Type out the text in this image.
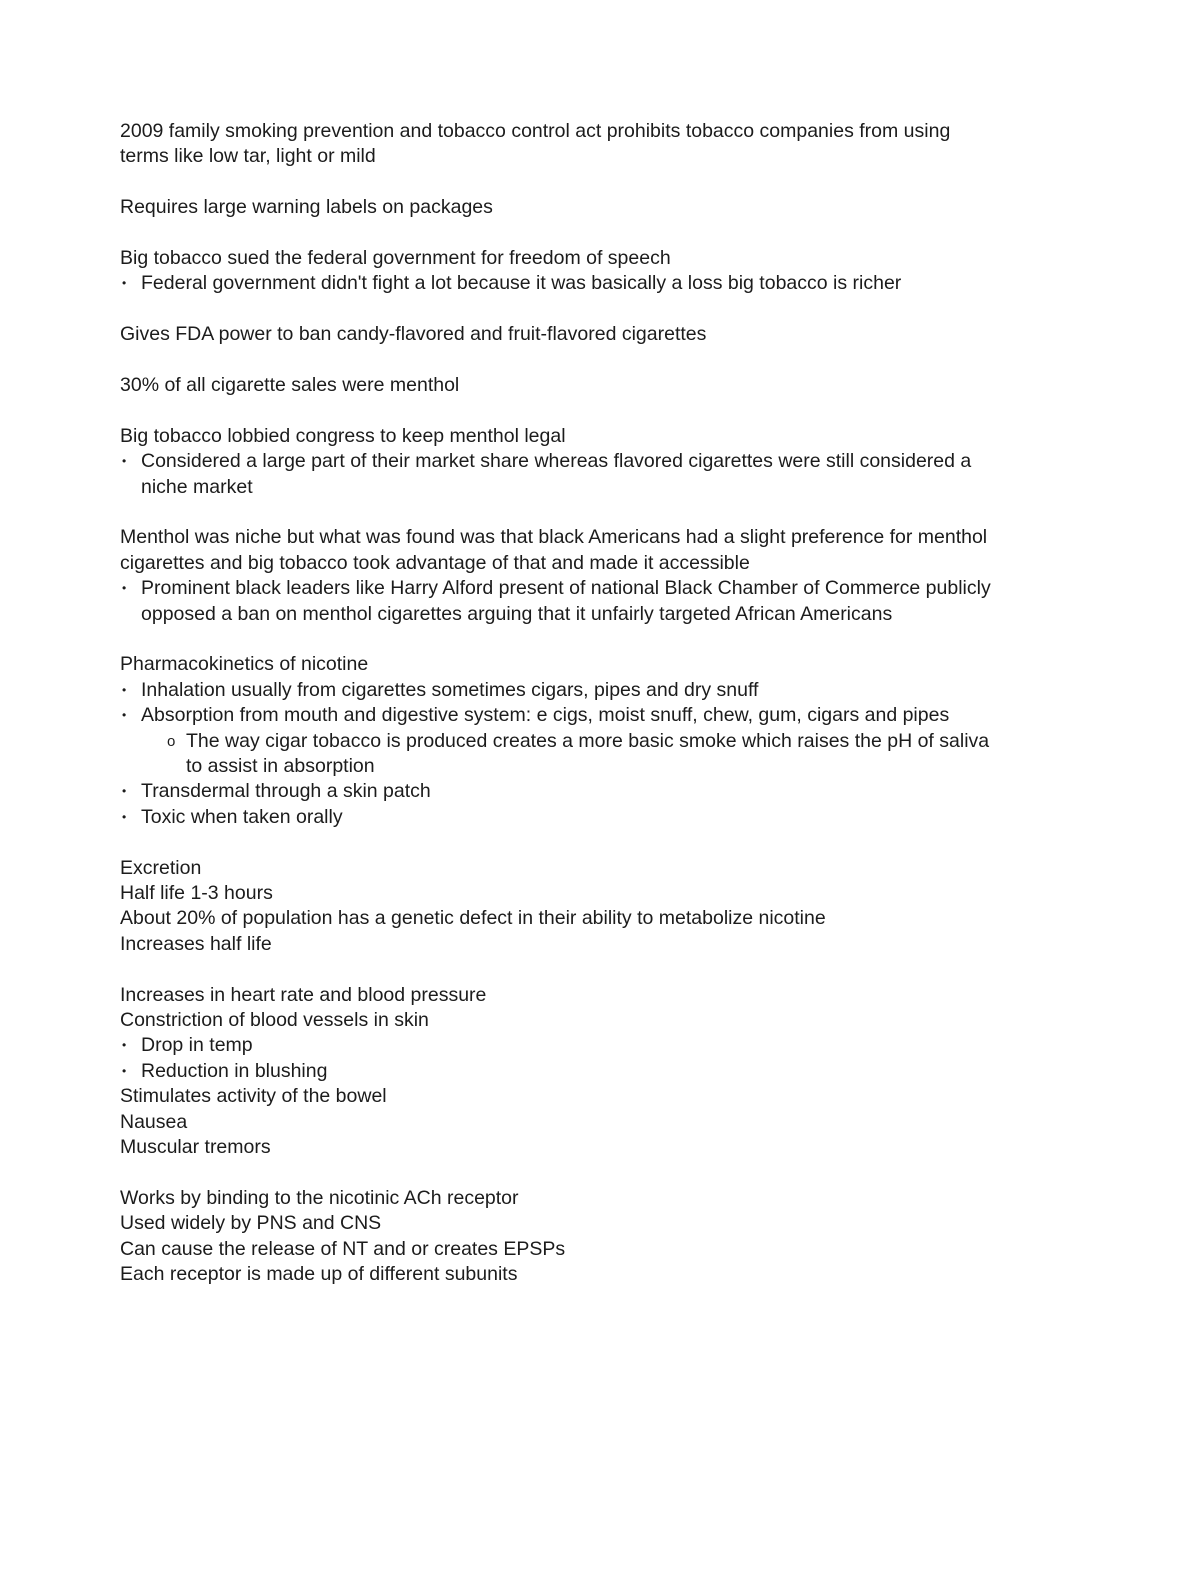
2009 family smoking prevention and tobacco control act prohibits tobacco companies from using
terms like low tar, light or mild
Requires large warning labels on packages
Big tobacco sued the federal government for freedom of speech
• Federal government didn't fight a lot because it was basically a loss big tobacco is richer
Gives FDA power to ban candy-flavored and fruit-flavored cigarettes
30% of all cigarette sales were menthol
Big tobacco lobbied congress to keep menthol legal
• Considered a large part of their market share whereas flavored cigarettes were still considered a
niche market
Menthol was niche but what was found was that black Americans had a slight preference for menthol
cigarettes and big tobacco took advantage of that and made it accessible
• Prominent black leaders like Harry Alford present of national Black Chamber of Commerce publicly
opposed a ban on menthol cigarettes arguing that it unfairly targeted African Americans
Pharmacokinetics of nicotine
• Inhalation usually from cigarettes sometimes cigars, pipes and dry snuff
• Absorption from mouth and digestive system: e cigs, moist snuff, chew, gum, cigars and pipes
o The way cigar tobacco is produced creates a more basic smoke which raises the pH of saliva
to assist in absorption
• Transdermal through a skin patch
• Toxic when taken orally
Excretion
Half life 1-3 hours
About 20% of population has a genetic defect in their ability to metabolize nicotine
Increases half life
Increases in heart rate and blood pressure
Constriction of blood vessels in skin
• Drop in temp
• Reduction in blushing
Stimulates activity of the bowel
Nausea
Muscular tremors
Works by binding to the nicotinic ACh receptor
Used widely by PNS and CNS
Can cause the release of NT and or creates EPSPs
Each receptor is made up of different subunits
